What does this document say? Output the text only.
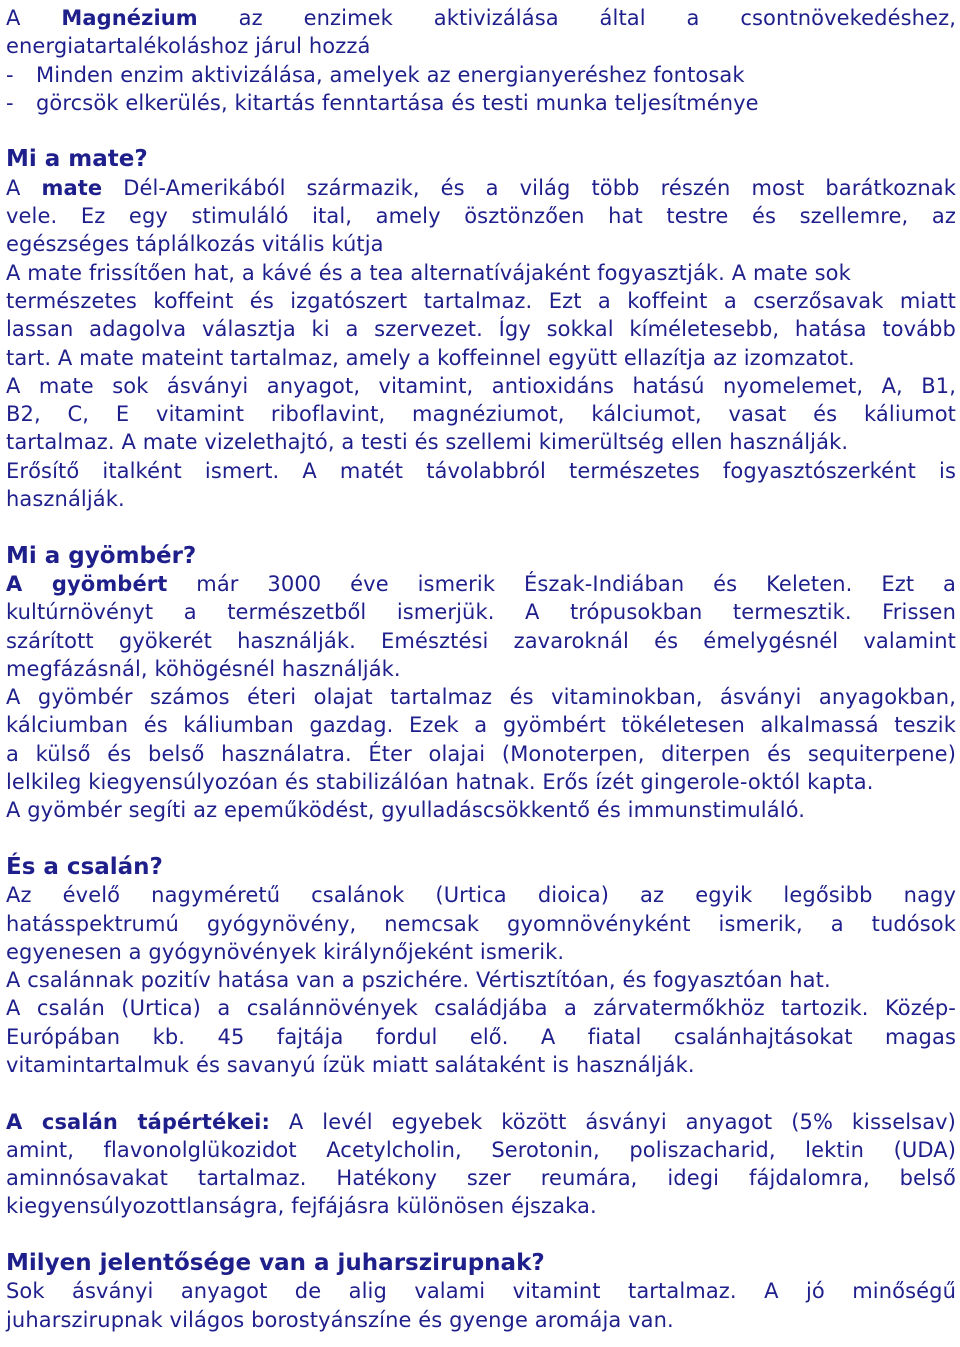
A Magnézium az enzimek aktivizálása által a csontnövekedéshez,
energiatartalékoláshoz járul hozzá
- Minden enzim aktivizálása, amelyek az energianyeréshez fontosak
- görcsök elkerülés, kitartás fenntartása és testi munka teljesítménye
Mi a mate?
A mate Dél-Amerikából származik, és a világ több részén most barátkoznak
vele. Ez egy stimuláló ital, amely ösztönzően hat testre és szellemre, az
egészséges táplálkozás vitális kútja
A mate frissítően hat, a kávé és a tea alternatívájaként fogyasztják. A mate sok
természetes koffeint és izgatószert tartalmaz. Ezt a koffeint a cserzősavak miatt
lassan adagolva választja ki a szervezet. Így sokkal kíméletesebb, hatása tovább
tart. A mate mateint tartalmaz, amely a koffeinnel együtt ellazítja az izomzatot.
A mate sok ásványi anyagot, vitamint, antioxidáns hatású nyomelemet, A, B1,
B2, C, E vitamint riboflavint, magnéziumot, kálciumot, vasat és káliumot
tartalmaz. A mate vizelethajtó, a testi és szellemi kimerültség ellen használják.
Erősítő italként ismert. A matét távolabbról természetes fogyasztószerként is
használják.
Mi a gyömbér?
A gyömbért már 3000 éve ismerik Észak-Indiában és Keleten. Ezt a
kultúrnövényt a természetből ismerjük. A trópusokban termesztik. Frissen
szárított gyökerét használják. Emésztési zavaroknál és émelygésnél valamint
megfázásnál, köhögésnél használják.
A gyömbér számos éteri olajat tartalmaz és vitaminokban, ásványi anyagokban,
kálciumban és káliumban gazdag. Ezek a gyömbért tökéletesen alkalmassá teszik
a külső és belső használatra. Éter olajai (Monoterpen, diterpen és sequiterpene)
lelkileg kiegyensúlyozóan és stabilizálóan hatnak. Erős ízét gingerole-októl kapta.
A gyömbér segíti az epeműködést, gyulladáscsökkentő és immunstimuláló.
És a csalán?
Az évelő nagyméretű csalánok (Urtica dioica) az egyik legősibb nagy
hatásspektrumú gyógynövény, nemcsak gyomnövényként ismerik, a tudósok
egyenesen a gyógynövények királynőjeként ismerik.
A csalánnak pozitív hatása van a pszichére. Vértisztítóan, és fogyasztóan hat.
A csalán (Urtica) a csalánnövények családjába a zárvatermőkhöz tartozik. Közép-
Európában kb. 45 fajtája fordul elő. A fiatal csalánhajtásokat magas
vitamintartalmuk és savanyú ízük miatt salátaként is használják.
A csalán tápértékei: A levél egyebek között ásványi anyagot (5% kisselsav)
amint, flavonolglükozidot Acetylcholin, Serotonin, poliszacharid, lektin (UDA)
aminnósavakat tartalmaz. Hatékony szer reumára, idegi fájdalomra, belső
kiegyensúlyozottlanságra, fejfájásra különösen éjszaka.
Milyen jelentősége van a juharszirupnak?
Sok ásványi anyagot de alig valami vitamint tartalmaz. A jó minőségű
juharszirupnak világos borostyánszíne és gyenge aromája van.
